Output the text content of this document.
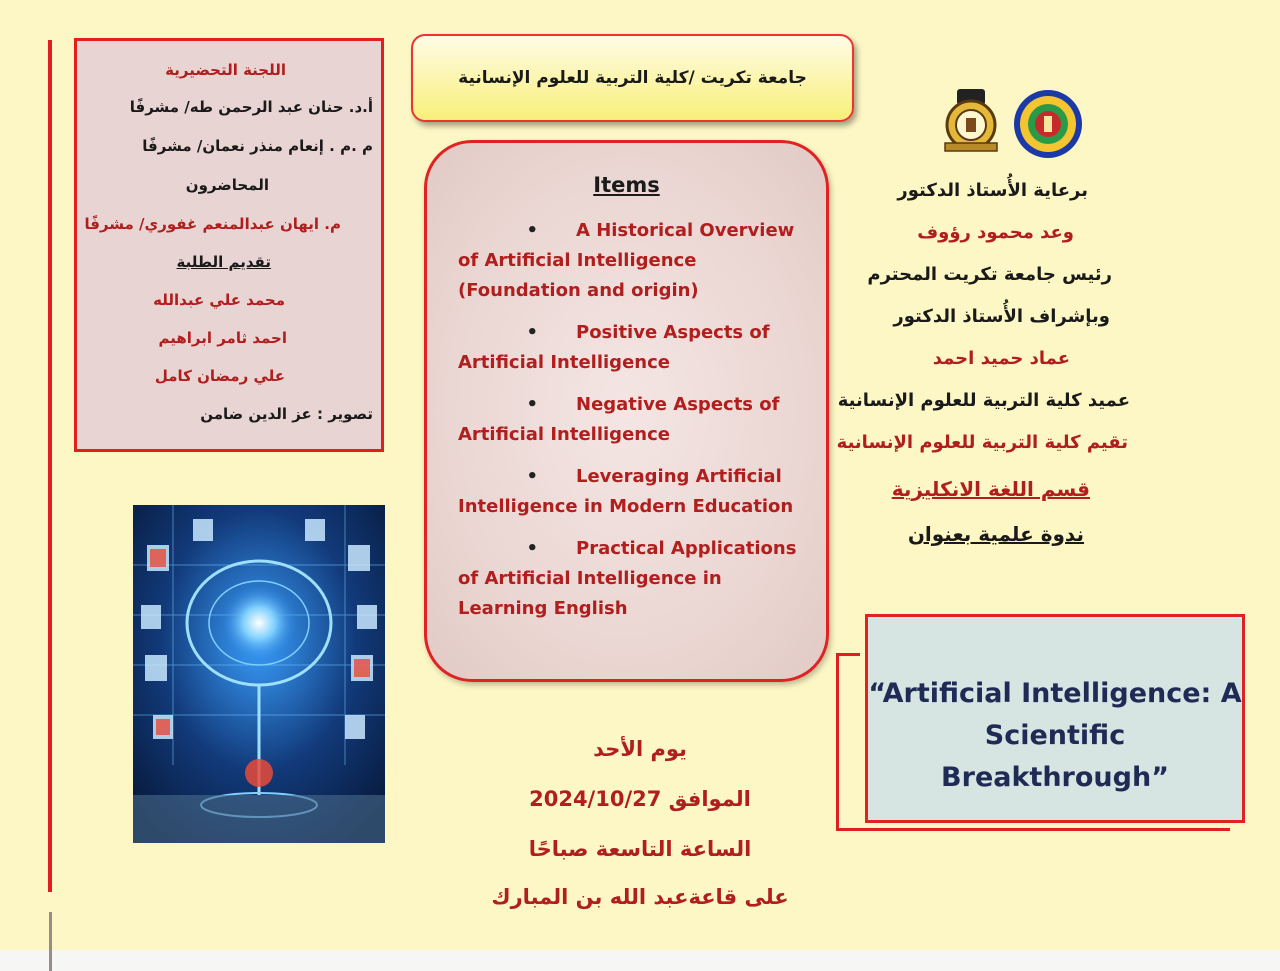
اللجنة التحضيرية
أ.د. حنان عبد الرحمن طه/ مشرفًا
م .م . إنعام منذر نعمان/ مشرفًا
المحاضرون
م. ايهان عبدالمنعم غفوري/ مشرفًا
تقديم الطلبة
محمد علي عبدالله
احمد ثامر ابراهيم
علي رمضان كامل
تصوير : عز الدين ضامن
جامعة تكريت /كلية التربية للعلوم الإنسانية
Items
• A Historical Overview of Artificial Intelligence (Foundation and origin)
• Positive Aspects of Artificial Intelligence
• Negative Aspects of Artificial Intelligence
• Leveraging Artificial Intelligence in Modern Education
• Practical Applications of Artificial Intelligence in Learning English
برعاية الأُستاذ الدكتور
وعد محمود رؤوف
رئيس جامعة تكريت المحترم
وبإشراف الأُستاذ الدكتور
عماد حميد احمد
عميد كلية التربية للعلوم الإنسانية
تقيم كلية التربية للعلوم الإنسانية
قسم اللغة الانكليزية
ندوة علمية بعنوان
“Artificial Intelligence: A Scientific Breakthrough”
يوم الأحد
الموافق 2024/10/27
الساعة التاسعة صباحًا
على قاعةعبد الله بن المبارك
